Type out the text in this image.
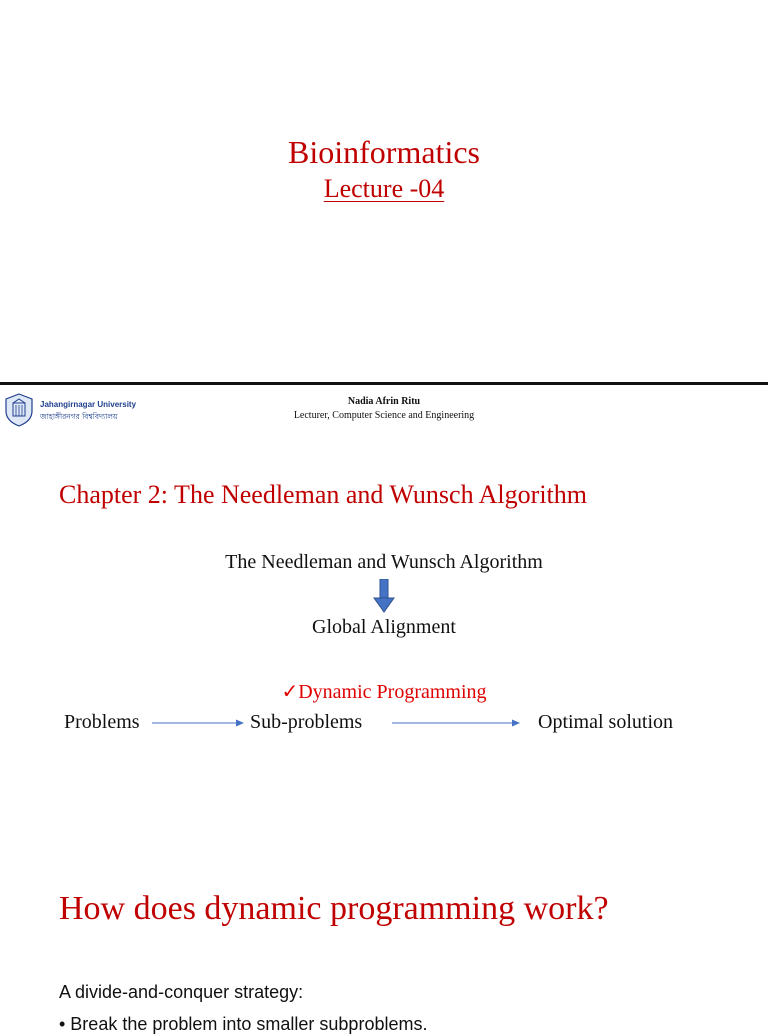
Bioinformatics
Lecture -04
Jahangirnagar University
জাহাঙ্গীরনগর বিশ্ববিদ্যালয়
Nadia Afrin Ritu
Lecturer, Computer Science and Engineering
Chapter 2: The Needleman and Wunsch Algorithm
The Needleman and Wunsch Algorithm
Global Alignment
✓Dynamic Programming
Problems	Sub-problems	Optimal solution
How does dynamic programming work?
A divide-and-conquer strategy:
• Break the problem into smaller subproblems.
